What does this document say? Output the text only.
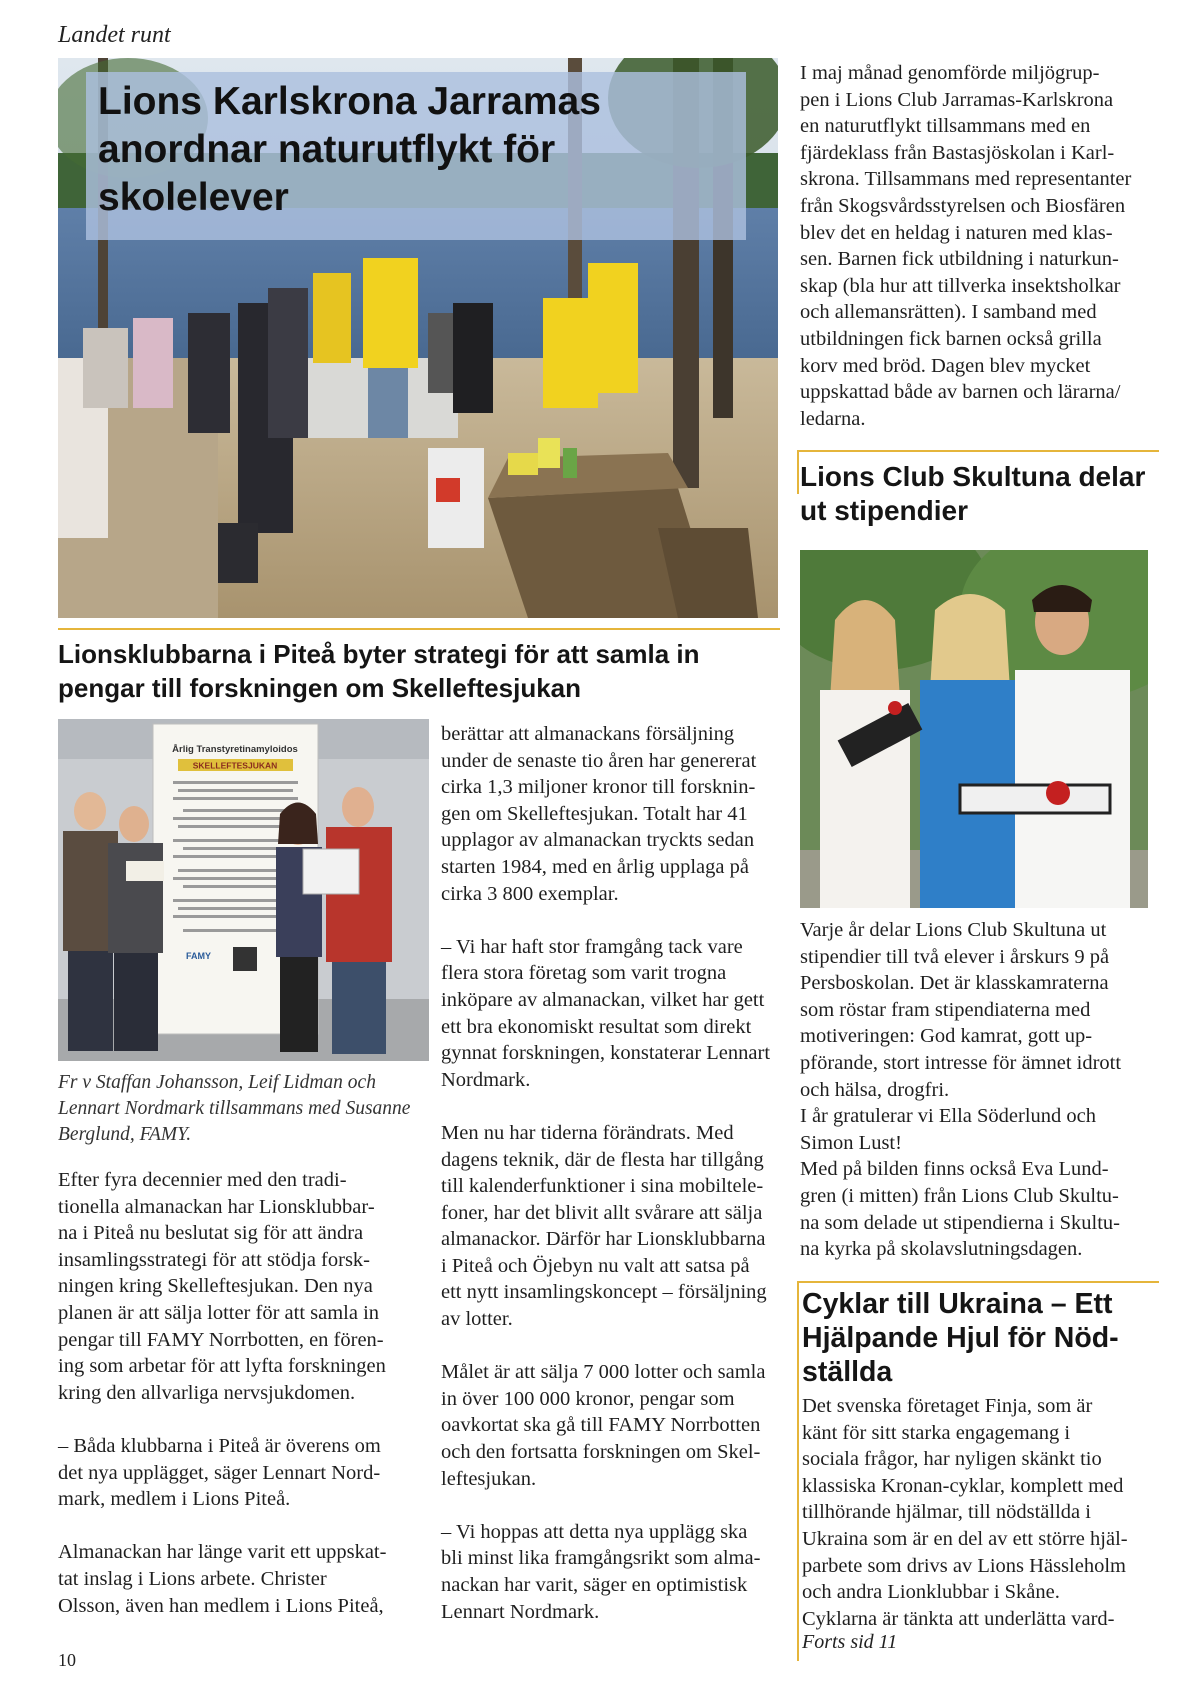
Landet runt
Lions Karlskrona Jarramas
anordnar naturutflykt för
skolelever
I maj månad genomförde miljögrup-
pen i Lions Club Jarramas-Karlskrona
en naturutflykt tillsammans med en
fjärdeklass från Bastasjöskolan i Karl-
skrona. Tillsammans med representanter
från Skogsvårdsstyrelsen och Biosfären
blev det en heldag i naturen med klas-
sen. Barnen fick utbildning i naturkun-
skap (bla hur att tillverka insektsholkar
och allemansrätten). I samband med
utbildningen fick barnen också grilla
korv med bröd. Dagen blev mycket
uppskattad både av barnen och lärarna/
ledarna.
Lions Club Skultuna delar
ut stipendier
Varje år delar Lions Club Skultuna ut
stipendier till två elever i årskurs 9 på
Persboskolan. Det är klasskamraterna
som röstar fram stipendiaterna med
motiveringen: God kamrat, gott up-
pförande, stort intresse för ämnet idrott
och hälsa, drogfri.
I år gratulerar vi Ella Söderlund och
Simon Lust!
Med på bilden finns också Eva Lund-
gren (i mitten) från Lions Club Skultu-
na som delade ut stipendierna i Skultu-
na kyrka på skolavslutningsdagen.
Cyklar till Ukraina – Ett
Hjälpande Hjul för Nöd-
ställda
Det svenska företaget Finja, som är
känt för sitt starka engagemang i
sociala frågor, har nyligen skänkt tio
klassiska Kronan-cyklar, komplett med
tillhörande hjälmar, till nödställda i
Ukraina som är en del av ett större hjäl-
parbete som drivs av Lions Hässleholm
och andra Lionklubbar i Skåne.
Cyklarna är tänkta att underlätta vard-
Forts sid 11
Lionsklubbarna i Piteå byter strategi för att samla in
pengar till forskningen om Skelleftesjukan
Årlig Transtyretinamyloidos
SKELLEFTESJUKAN
FAMY
Fr v Staffan Johansson, Leif Lidman och
Lennart Nordmark tillsammans med Susanne
Berglund, FAMY.
Efter fyra decennier med den tradi-
tionella almanackan har Lionsklubbar-
na i Piteå nu beslutat sig för att ändra
insamlingsstrategi för att stödja forsk-
ningen kring Skelleftesjukan. Den nya
planen är att sälja lotter för att samla in
pengar till FAMY Norrbotten, en fören-
ing som arbetar för att lyfta forskningen
kring den allvarliga nervsjukdomen.

– Båda klubbarna i Piteå är överens om
det nya upplägget, säger Lennart Nord-
mark, medlem i Lions Piteå.

Almanackan har länge varit ett uppskat-
tat inslag i Lions arbete. Christer
Olsson, även han medlem i Lions Piteå,
berättar att almanackans försäljning
under de senaste tio åren har genererat
cirka 1,3 miljoner kronor till forsknin-
gen om Skelleftesjukan. Totalt har 41
upplagor av almanackan tryckts sedan
starten 1984, med en årlig upplaga på
cirka 3 800 exemplar.

– Vi har haft stor framgång tack vare
flera stora företag som varit trogna
inköpare av almanackan, vilket har gett
ett bra ekonomiskt resultat som direkt
gynnat forskningen, konstaterar Lennart
Nordmark.

Men nu har tiderna förändrats. Med
dagens teknik, där de flesta har tillgång
till kalenderfunktioner i sina mobiltele-
foner, har det blivit allt svårare att sälja
almanackor. Därför har Lionsklubbarna
i Piteå och Öjebyn nu valt att satsa på
ett nytt insamlingskoncept – försäljning
av lotter.

Målet är att sälja 7 000 lotter och samla
in över 100 000 kronor, pengar som
oavkortat ska gå till FAMY Norrbotten
och den fortsatta forskningen om Skel-
leftesjukan.

– Vi hoppas att detta nya upplägg ska
bli minst lika framgångsrikt som alma-
nackan har varit, säger en optimistisk
Lennart Nordmark.
10
